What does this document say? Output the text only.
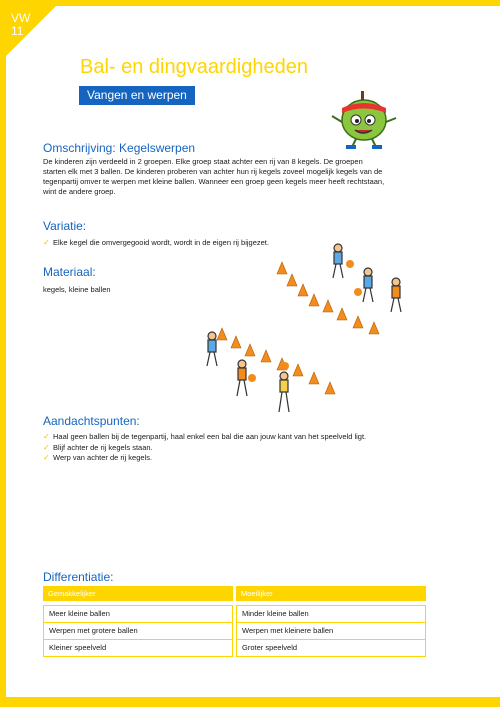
VW
11
Bal- en dingvaardigheden
Vangen en werpen
Omschrijving: Kegelswerpen
De kinderen zijn verdeeld in 2 groepen. Elke groep staat achter een rij van 8 kegels. De groepen
starten elk met 3 ballen. De kinderen proberen van achter hun rij kegels zoveel mogelijk kegels van de
tegenpartij omver te werpen met kleine ballen. Wanneer een groep geen kegels meer heeft rechtstaan,
wint de andere groep.
Variatie:
✓ Elke kegel die omvergegooid wordt, wordt in de eigen rij bijgezet.
Materiaal:
kegels, kleine ballen
Aandachtspunten:
✓ Haal geen ballen bij de tegenpartij, haal enkel een bal die aan jouw kant van het speelveld ligt.
✓ Blijf achter de rij kegels staan.
✓ Werp van achter de rij kegels.
Differentiatie:
Gemakkelijker
Meer kleine ballen
Werpen met grotere ballen
Kleiner speelveld
Moeilijker
Minder kleine ballen
Werpen met kleinere ballen
Groter speelveld
